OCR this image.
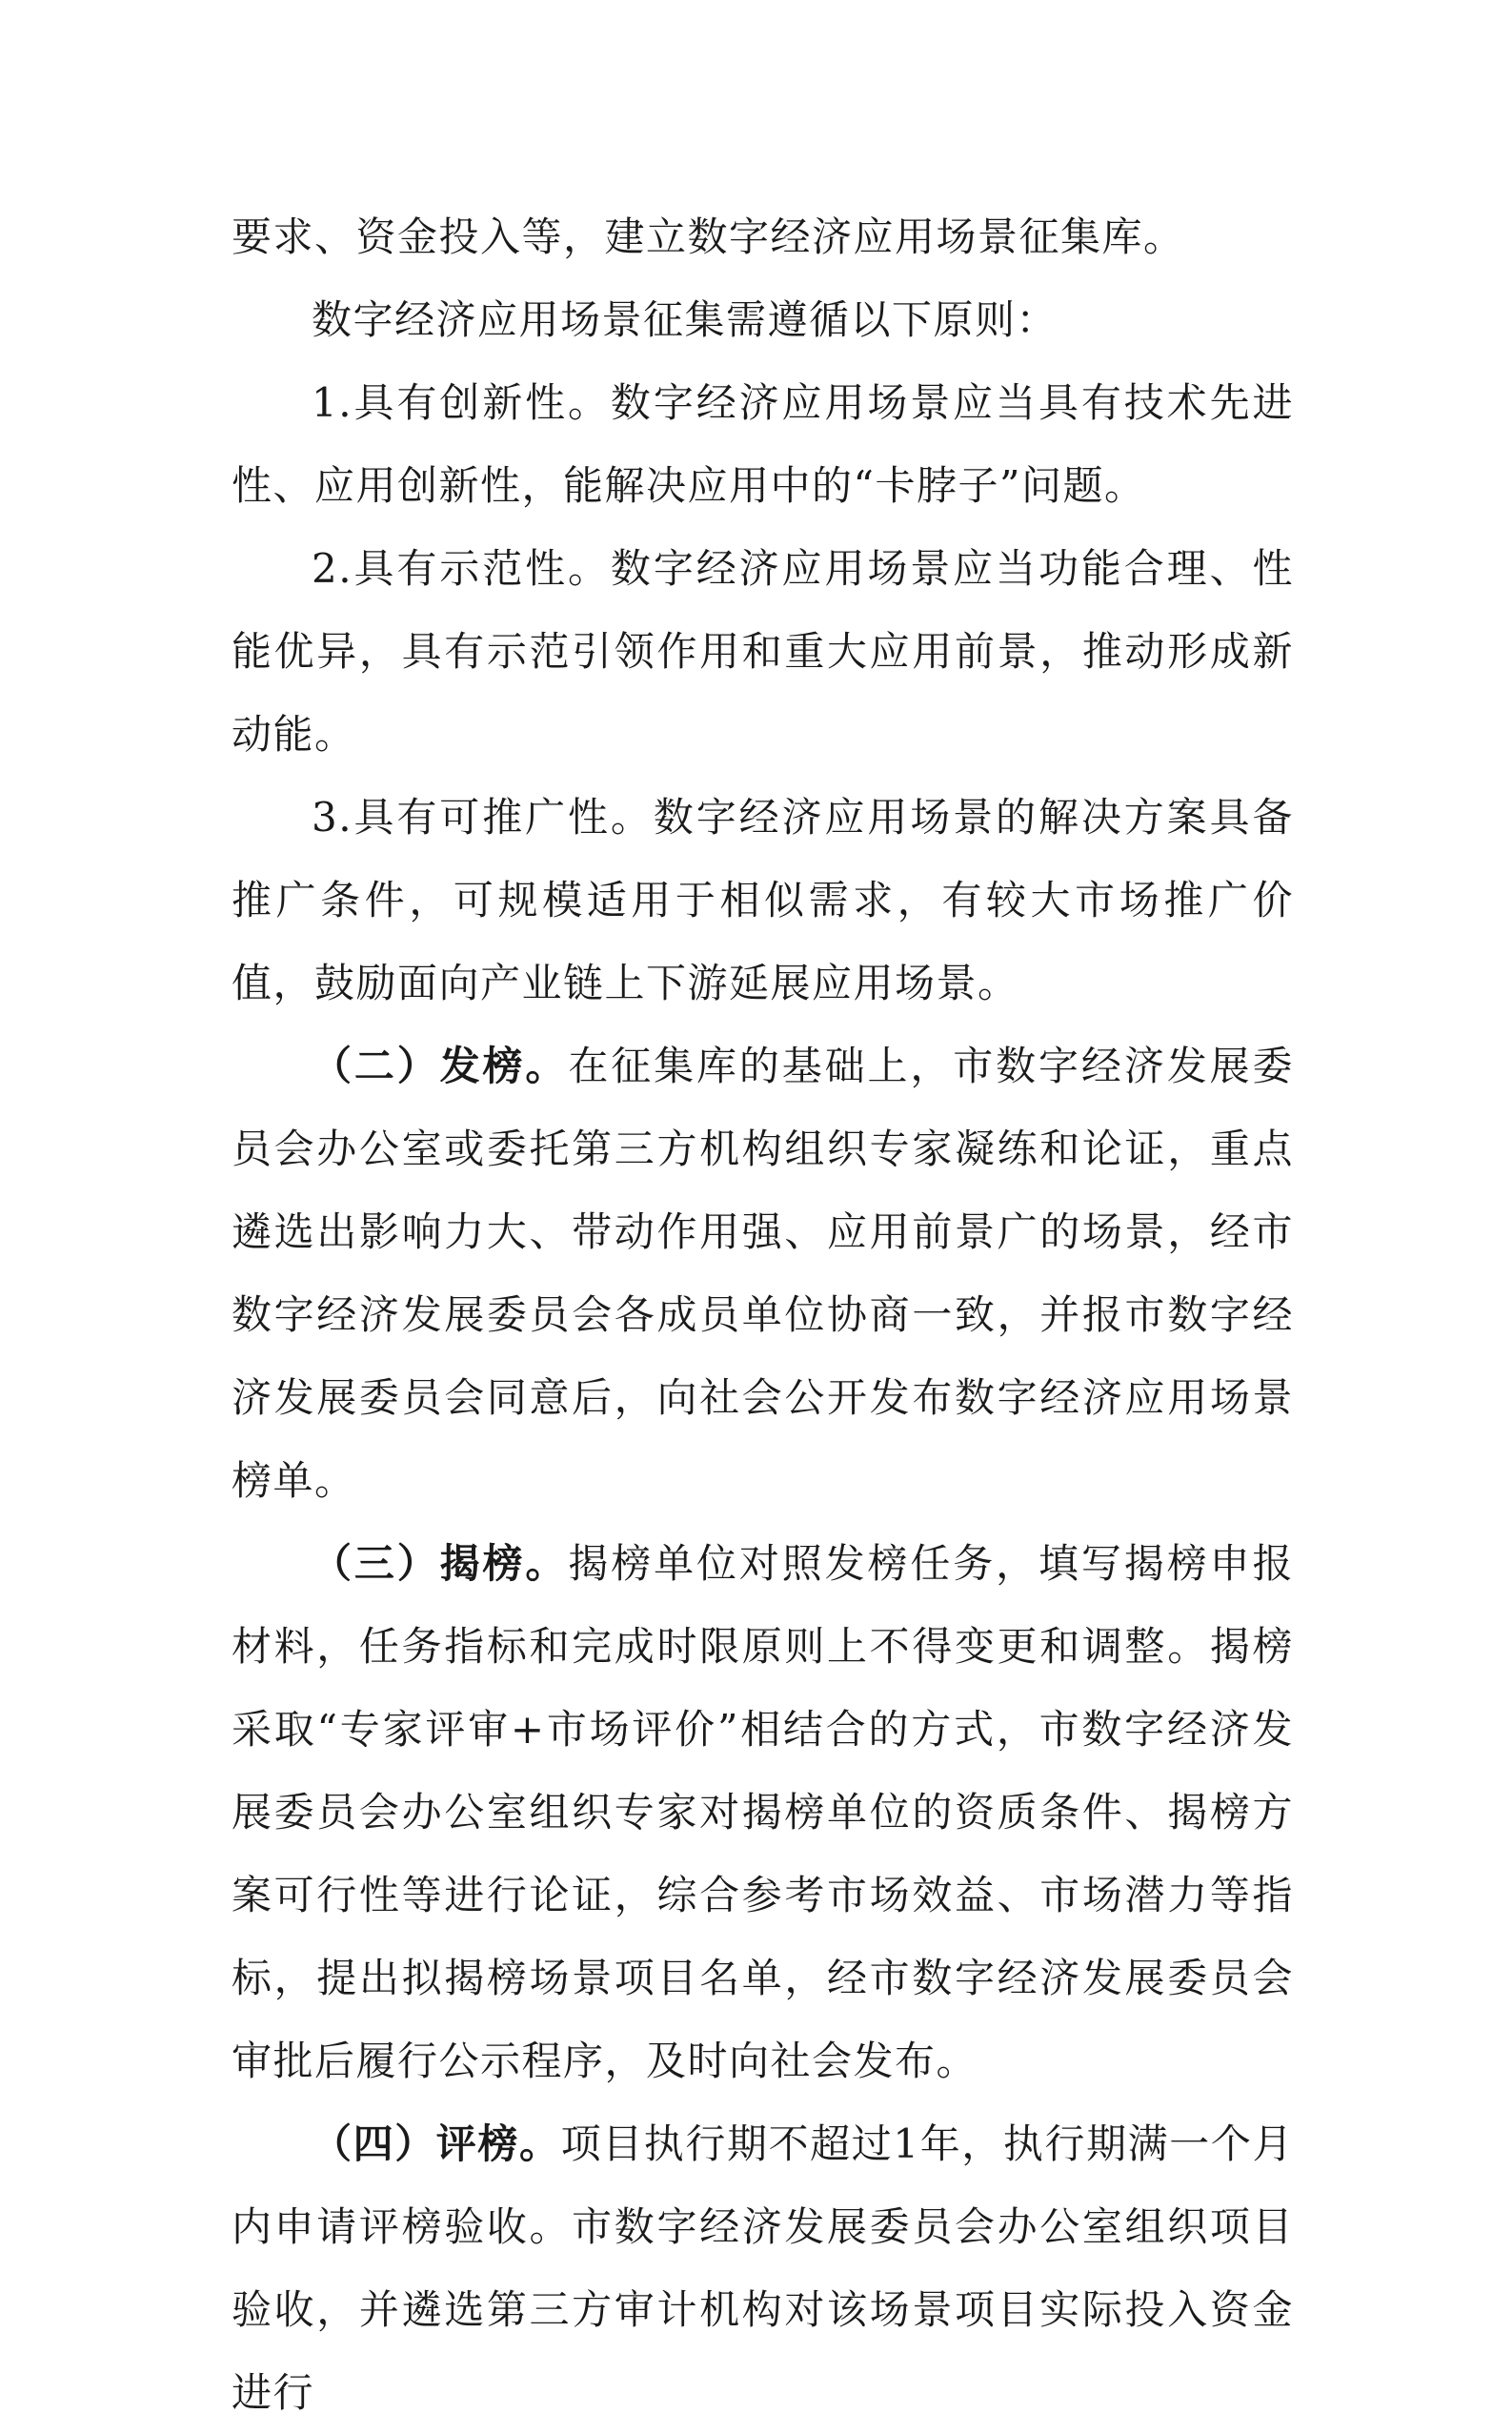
要求、资金投入等，建立数字经济应用场景征集库。

数字经济应用场景征集需遵循以下原则：

1.具有创新性。数字经济应用场景应当具有技术先进性、应用创新性，能解决应用中的“卡脖子”问题。

2.具有示范性。数字经济应用场景应当功能合理、性能优异，具有示范引领作用和重大应用前景，推动形成新动能。

3.具有可推广性。数字经济应用场景的解决方案具备推广条件，可规模适用于相似需求，有较大市场推广价值，鼓励面向产业链上下游延展应用场景。

（二）发榜。在征集库的基础上，市数字经济发展委员会办公室或委托第三方机构组织专家凝练和论证，重点遴选出影响力大、带动作用强、应用前景广的场景，经市数字经济发展委员会各成员单位协商一致，并报市数字经济发展委员会同意后，向社会公开发布数字经济应用场景榜单。

（三）揭榜。揭榜单位对照发榜任务，填写揭榜申报材料，任务指标和完成时限原则上不得变更和调整。揭榜采取“专家评审+市场评价”相结合的方式，市数字经济发展委员会办公室组织专家对揭榜单位的资质条件、揭榜方案可行性等进行论证，综合参考市场效益、市场潜力等指标，提出拟揭榜场景项目名单，经市数字经济发展委员会审批后履行公示程序，及时向社会发布。

（四）评榜。项目执行期不超过1年，执行期满一个月内申请评榜验收。市数字经济发展委员会办公室组织项目验收，并遴选第三方审计机构对该场景项目实际投入资金进行
